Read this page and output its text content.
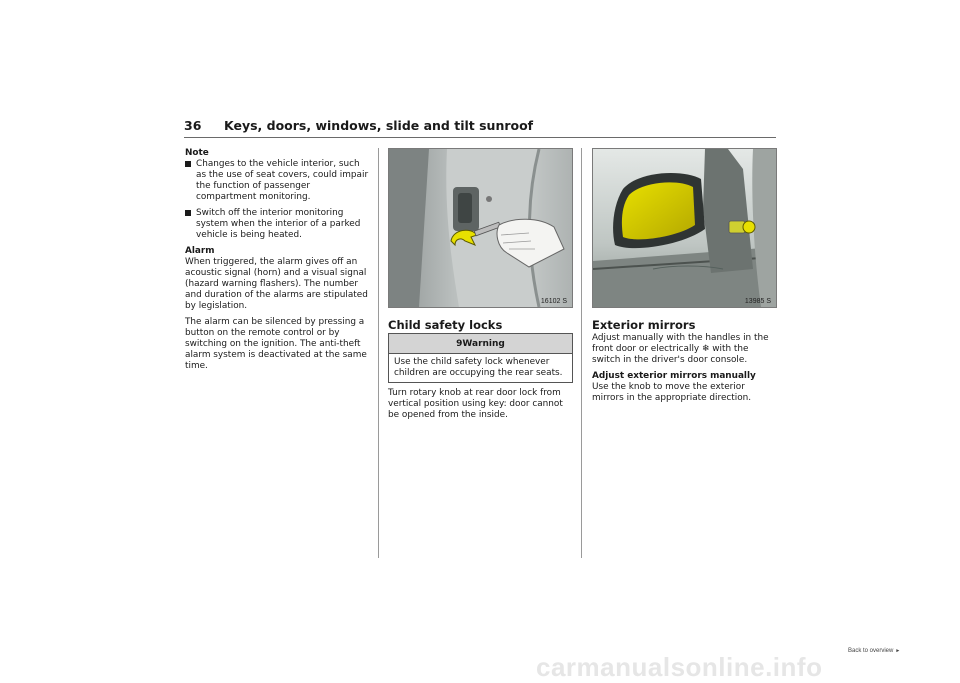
36 Keys, doors, windows, slide and tilt sunroof
Note
Changes to the vehicle interior, such as the use of seat covers, could impair the function of passenger compartment monitoring.
Switch off the interior monitoring system when the interior of a parked vehicle is being heated.
Alarm

When triggered, the alarm gives off an acoustic signal (horn) and a visual signal (hazard warning flashers). The number and duration of the alarms are stipulated by legislation.

The alarm can be silenced by pressing a button on the remote control or by switching on the ignition. The anti-theft alarm system is deactivated at the same time.

16102 S
Child safety locks
9Warning
Use the child safety lock whenever children are occupying the rear seats.

Turn rotary knob at rear door lock from vertical position using key: door cannot be opened from the inside.

13985 S
Exterior mirrors

Adjust manually with the handles in the front door or electrically ❄ with the switch in the driver's door console.

Adjust exterior mirrors manually

Use the knob to move the exterior mirrors in the appropriate direction.

Back to overview ►
carmanualsonline.info
